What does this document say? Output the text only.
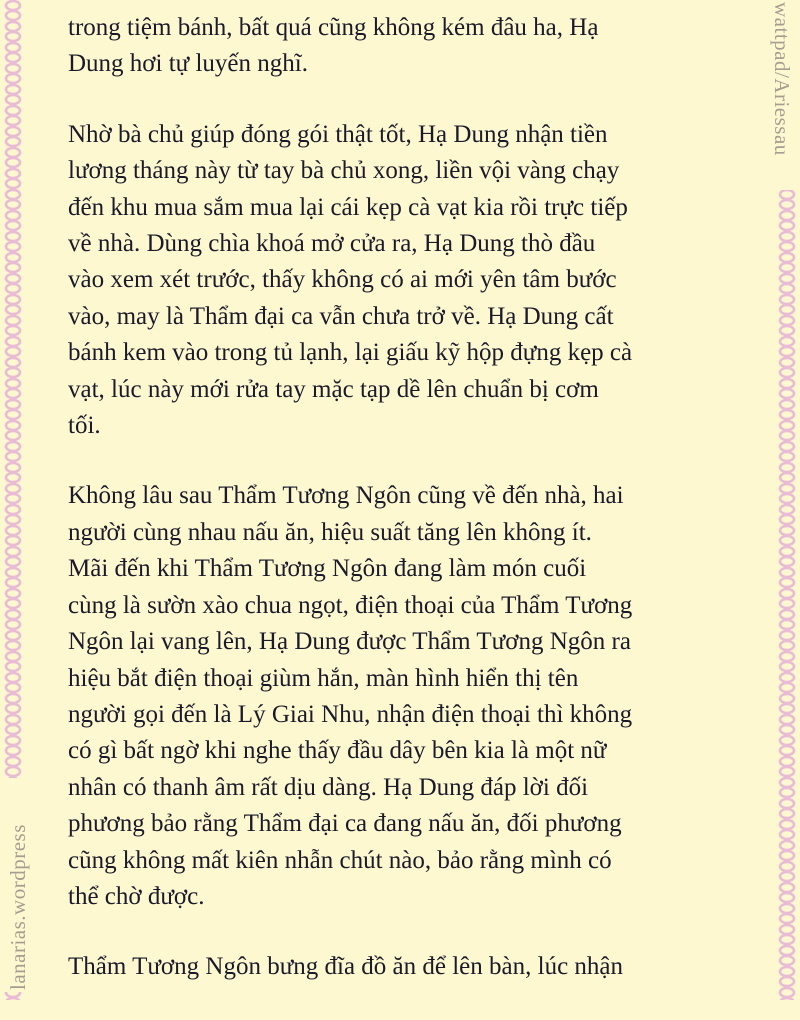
wattpad/Ariessau
lanarias.wordpress

trong tiệm bánh, bất quá cũng không kém đâu ha, Hạ
Dung hơi tự luyến nghĩ.

Nhờ bà chủ giúp đóng gói thật tốt, Hạ Dung nhận tiền
lương tháng này từ tay bà chủ xong, liền vội vàng chạy
đến khu mua sắm mua lại cái kẹp cà vạt kia rồi trực tiếp
về nhà. Dùng chìa khoá mở cửa ra, Hạ Dung thò đầu
vào xem xét trước, thấy không có ai mới yên tâm bước
vào, may là Thẩm đại ca vẫn chưa trở về. Hạ Dung cất
bánh kem vào trong tủ lạnh, lại giấu kỹ hộp đựng kẹp cà
vạt, lúc này mới rửa tay mặc tạp dề lên chuẩn bị cơm
tối.

Không lâu sau Thẩm Tương Ngôn cũng về đến nhà, hai
người cùng nhau nấu ăn, hiệu suất tăng lên không ít.
Mãi đến khi Thẩm Tương Ngôn đang làm món cuối
cùng là sườn xào chua ngọt, điện thoại của Thẩm Tương
Ngôn lại vang lên, Hạ Dung được Thẩm Tương Ngôn ra
hiệu bắt điện thoại giùm hắn, màn hình hiển thị tên
người gọi đến là Lý Giai Nhu, nhận điện thoại thì không
có gì bất ngờ khi nghe thấy đầu dây bên kia là một nữ
nhân có thanh âm rất dịu dàng. Hạ Dung đáp lời đối
phương bảo rằng Thẩm đại ca đang nấu ăn, đối phương
cũng không mất kiên nhẫn chút nào, bảo rằng mình có
thể chờ được.

Thẩm Tương Ngôn bưng đĩa đồ ăn để lên bàn, lúc nhận
